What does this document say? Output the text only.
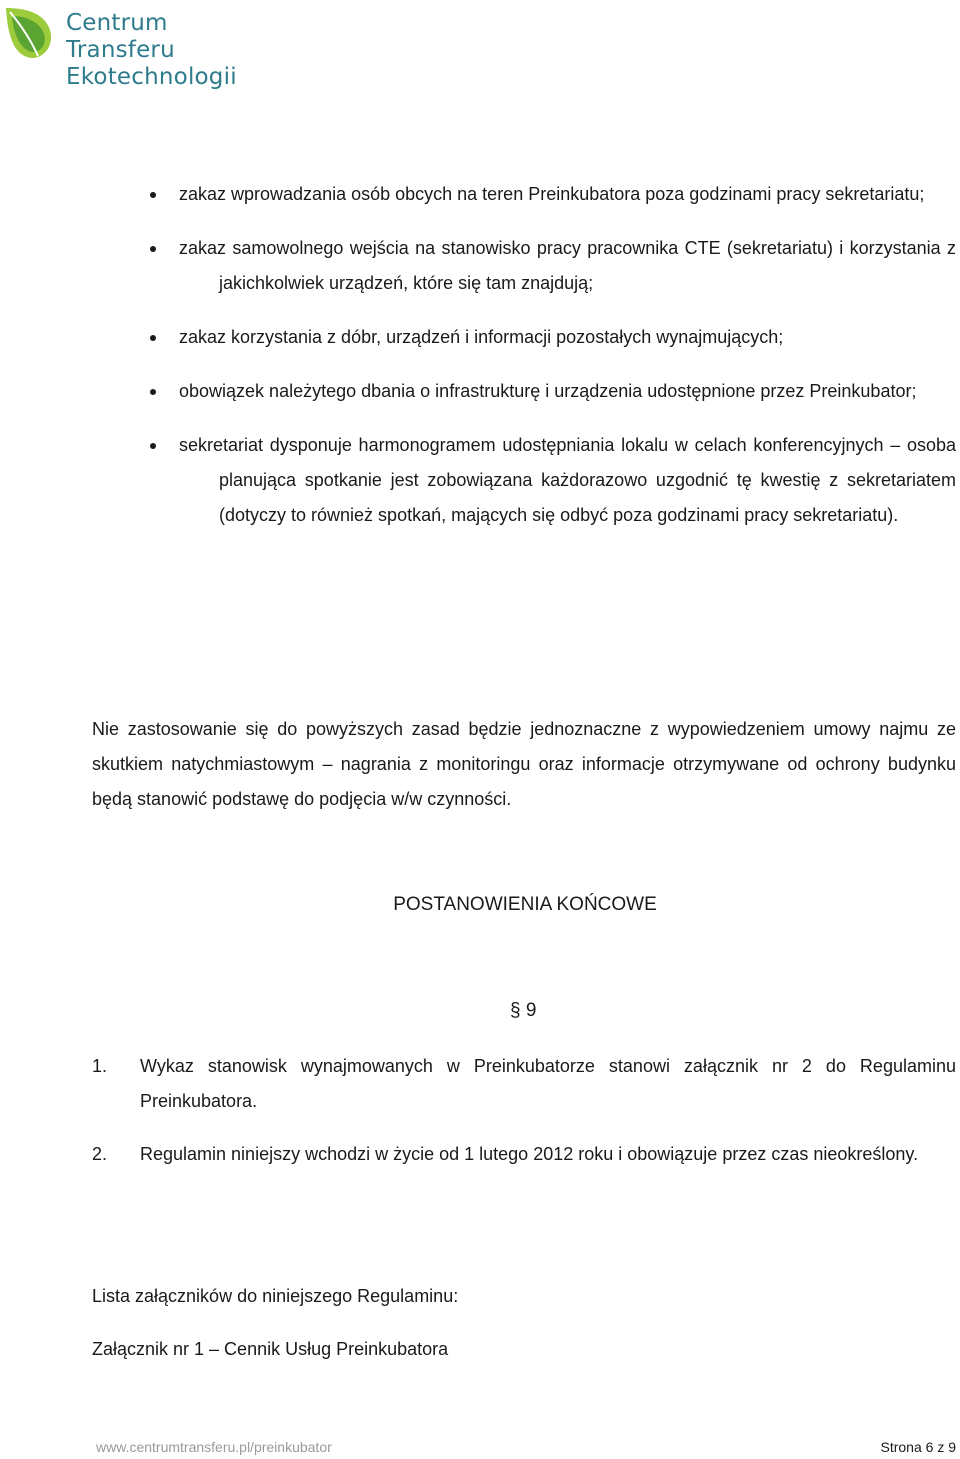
Centrum
Transferu
Ekotechnologii
zakaz wprowadzania osób obcych na teren Preinkubatora poza godzinami pracy sekretariatu;
zakaz samowolnego wejścia na stanowisko pracy pracownika CTE (sekretariatu) i korzystania z jakichkolwiek urządzeń, które się tam znajdują;
zakaz korzystania z dóbr, urządzeń i informacji pozostałych wynajmujących;
obowiązek należytego dbania o infrastrukturę i urządzenia udostępnione przez Preinkubator;
sekretariat dysponuje harmonogramem udostępniania lokalu w celach konferencyjnych – osoba planująca spotkanie jest zobowiązana każdorazowo uzgodnić tę kwestię z sekretariatem (dotyczy to również spotkań, mających się odbyć poza godzinami pracy sekretariatu).

Nie zastosowanie się do powyższych zasad będzie jednoznaczne z wypowiedzeniem umowy najmu ze skutkiem natychmiastowym – nagrania z monitoringu oraz informacje otrzymywane od ochrony budynku będą stanowić podstawę do podjęcia w/w czynności.

POSTANOWIENIA KOŃCOWE
§ 9
1. Wykaz stanowisk wynajmowanych w Preinkubatorze stanowi załącznik nr 2 do Regulaminu Preinkubatora.
2. Regulamin niniejszy wchodzi w życie od 1 lutego 2012 roku i obowiązuje przez czas nieokreślony.

Lista załączników do niniejszego Regulaminu:

Załącznik nr 1 – Cennik Usług Preinkubatora

www.centrumtransferu.pl/preinkubator	Strona 6 z 9
